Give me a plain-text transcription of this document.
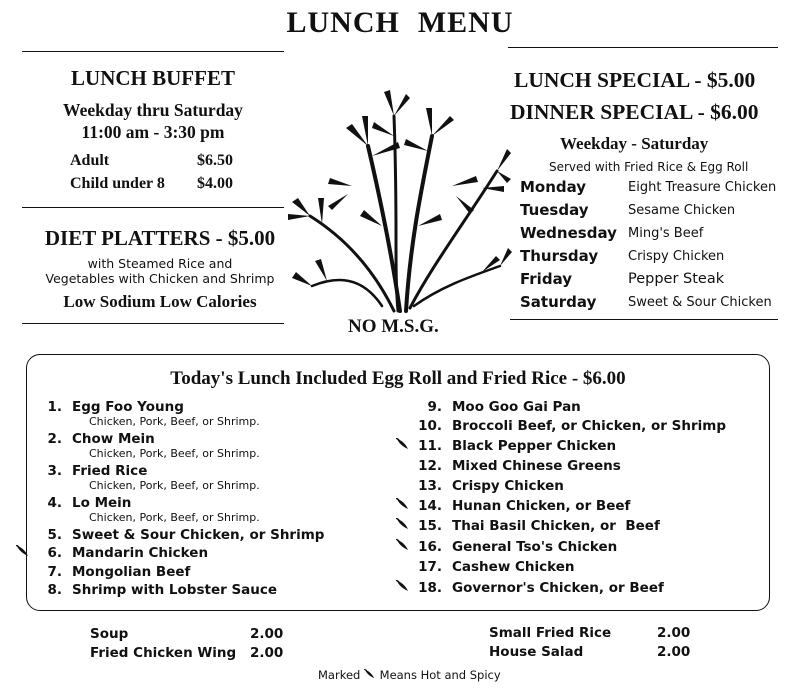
LUNCH MENU
LUNCH BUFFET
Weekday thru Saturday
11:00 am - 3:30 pm
Adult	$6.50
Child under 8 $4.00
DIET PLATTERS - $5.00
with Steamed Rice and
Vegetables with Chicken and Shrimp
Low Sodium Low Calories
NO M.S.G.
LUNCH SPECIAL - $5.00
DINNER SPECIAL - $6.00
Weekday - Saturday
Served with Fried Rice & Egg Roll
Monday	Eight Treasure Chicken
Tuesday	Sesame Chicken
Wednesday Ming's Beef
Thursday Crispy Chicken
Friday	Pepper Steak
Saturday Sweet & Sour Chicken
Today's Lunch Included Egg Roll and Fried Rice - $6.00
1. Egg Foo Young
Chicken, Pork, Beef, or Shrimp.
2. Chow Mein
Chicken, Pork, Beef, or Shrimp.
3. Fried Rice
Chicken, Pork, Beef, or Shrimp.
4. Lo Mein
Chicken, Pork, Beef, or Shrimp.
5. Sweet & Sour Chicken, or Shrimp
6. Mandarin Chicken
7. Mongolian Beef
8. Shrimp with Lobster Sauce
9. Moo Goo Gai Pan
10. Broccoli Beef, or Chicken, or Shrimp
11. Black Pepper Chicken
12. Mixed Chinese Greens
13. Crispy Chicken
14. Hunan Chicken, or Beef
15. Thai Basil Chicken, or  Beef
16. General Tso's Chicken
17. Cashew Chicken
18. Governor's Chicken, or Beef
Soup	2.00
Fried Chicken Wing 2.00
Small Fried Rice	2.00
House Salad	2.00
Marked Means Hot and Spicy
